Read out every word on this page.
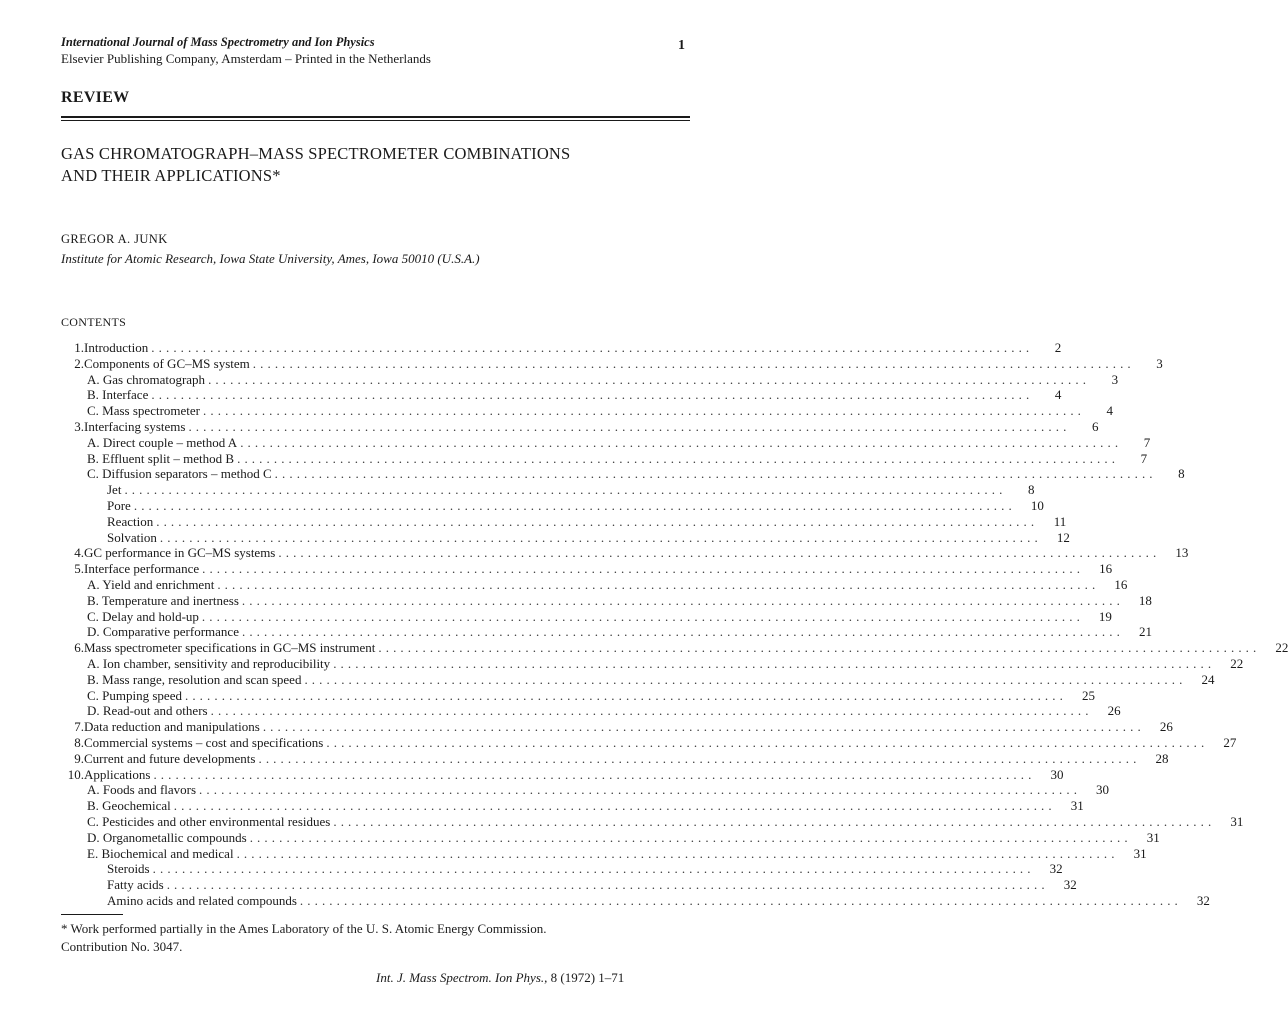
International Journal of Mass Spectrometry and Ion Physics
Elsevier Publishing Company, Amsterdam – Printed in the Netherlands
1
REVIEW
GAS CHROMATOGRAPH–MASS SPECTROMETER COMBINATIONS
AND THEIR APPLICATIONS*
GREGOR A. JUNK
Institute for Atomic Research, Iowa State University, Ames, Iowa 50010 (U.S.A.)
CONTENTS
1. Introduction ........................................................................................................................	2
2. Components of GC–MS system ........................................................................................................................	3
A. Gas chromatograph ........................................................................................................................	3
B. Interface ........................................................................................................................	4
C. Mass spectrometer ........................................................................................................................	4
3. Interfacing systems ........................................................................................................................	6
A. Direct couple – method A ........................................................................................................................	7
B. Effluent split – method B ........................................................................................................................	7
C. Diffusion separators – method C ........................................................................................................................	8
Jet ........................................................................................................................	8
Pore ........................................................................................................................	10
Reaction ........................................................................................................................	11
Solvation ........................................................................................................................	12
4. GC performance in GC–MS systems ........................................................................................................................	13
5. Interface performance ........................................................................................................................	16
A. Yield and enrichment ........................................................................................................................	16
B. Temperature and inertness ........................................................................................................................	18
C. Delay and hold-up ........................................................................................................................	19
D. Comparative performance ........................................................................................................................	21
6. Mass spectrometer specifications in GC–MS instrument ........................................................................................................................	22
A. Ion chamber, sensitivity and reproducibility ........................................................................................................................	22
B. Mass range, resolution and scan speed ........................................................................................................................	24
C. Pumping speed ........................................................................................................................	25
D. Read-out and others ........................................................................................................................	26
7. Data reduction and manipulations ........................................................................................................................	26
8. Commercial systems – cost and specifications ........................................................................................................................	27
9. Current and future developments ........................................................................................................................	28
10. Applications ........................................................................................................................	30
A. Foods and flavors ........................................................................................................................	30
B. Geochemical ........................................................................................................................	31
C. Pesticides and other environmental residues ........................................................................................................................	31
D. Organometallic compounds ........................................................................................................................	31
E. Biochemical and medical ........................................................................................................................	31
Steroids ........................................................................................................................	32
Fatty acids ........................................................................................................................	32
Amino acids and related compounds ........................................................................................................................	32
* Work performed partially in the Ames Laboratory of the U. S. Atomic Energy Commission.
Contribution No. 3047.
Int. J. Mass Spectrom. Ion Phys., 8 (1972) 1–71
